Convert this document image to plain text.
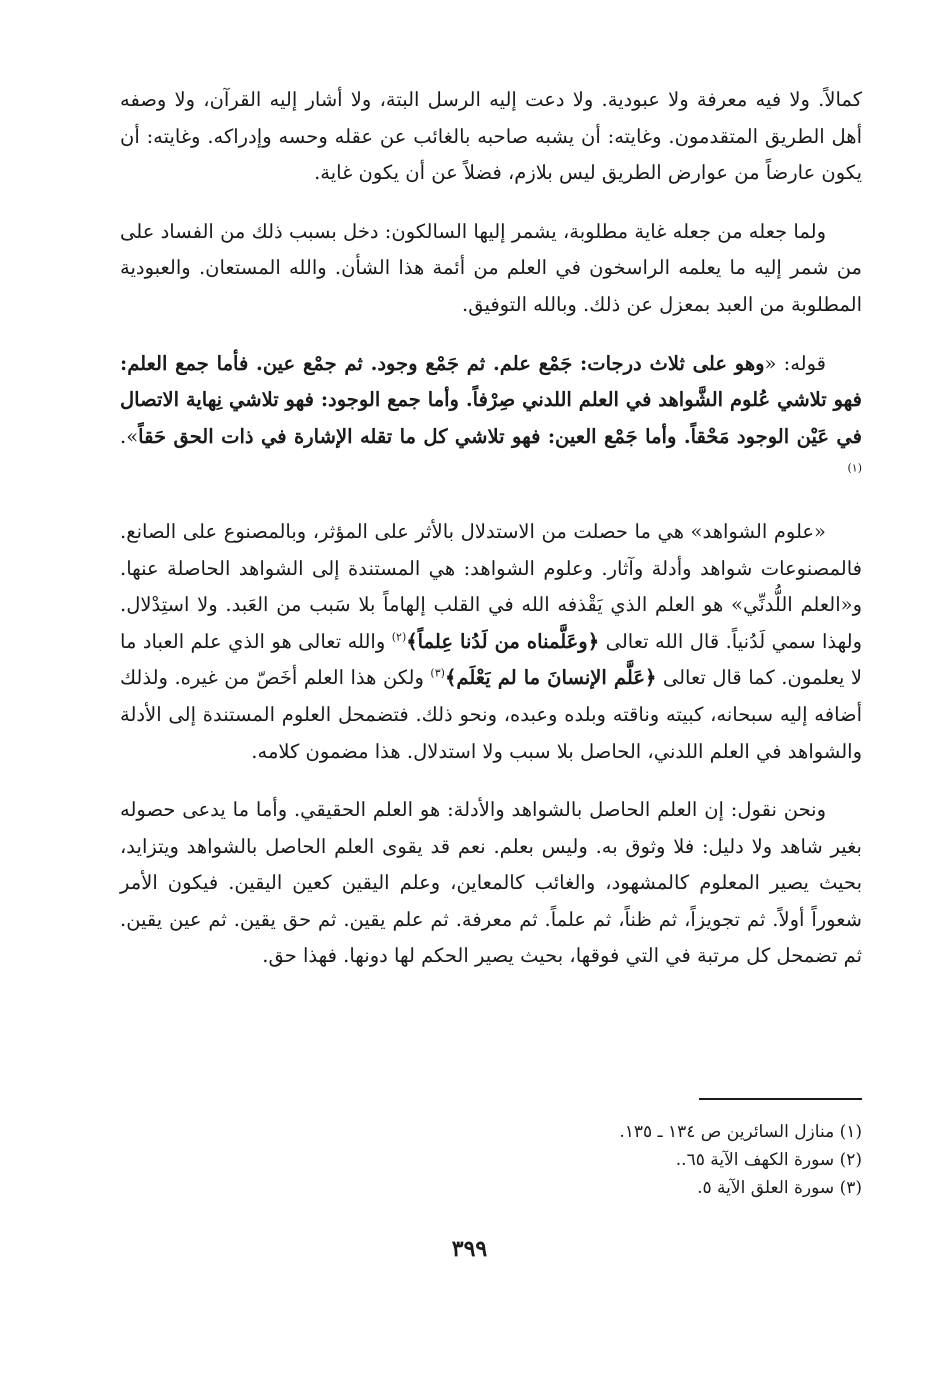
كمالاً. ولا فيه معرفة ولا عبودية. ولا دعت إليه الرسل البتة، ولا أشار إليه القرآن، ولا وصفه أهل الطريق المتقدمون. وغايته: أن يشبه صاحبه بالغائب عن عقله وحسه وإدراكه. وغايته: أن يكون عارضاً من عوارض الطريق ليس بلازم، فضلاً عن أن يكون غاية.

ولما جعله من جعله غاية مطلوبة، يشمر إليها السالكون: دخل بسبب ذلك من الفساد على من شمر إليه ما يعلمه الراسخون في العلم من أئمة هذا الشأن. والله المستعان. والعبودية المطلوبة من العبد بمعزل عن ذلك. وبالله التوفيق.

قوله: «وهو على ثلاث درجات: جَمْع علم. ثم جَمْع وجود. ثم جمْع عين. فأما جمع العلم: فهو تلاشي عُلوم الشَّواهد في العلم اللدني صِرْفاً. وأما جمع الوجود: فهو تلاشي نِهاية الاتصال في عَيْن الوجود مَحْقاً. وأما جَمْع العين: فهو تلاشي كل ما تقله الإشارة في ذات الحق حَقاً».$^{(١)}$

«علوم الشواهد» هي ما حصلت من الاستدلال بالأثر على المؤثر، وبالمصنوع على الصانع. فالمصنوعات شواهد وأدلة وآثار. وعلوم الشواهد: هي المستندة إلى الشواهد الحاصلة عنها. و«العلم اللُّدنِّي» هو العلم الذي يَقْذفه الله في القلب إلهاماً بلا سَبب من العَبد. ولا استِدْلال. ولهذا سمي لَدُنياً. قال الله تعالى ﴿وعَلَّمناه من لَدُنا عِلماً﴾$^{(٢)}$ والله تعالى هو الذي علم العباد ما لا يعلمون. كما قال تعالى ﴿عَلَّم الإنسانَ ما لم يَعْلَم﴾$^{(٣)}$ ولكن هذا العلم أخَصّ من غيره. ولذلك أضافه إليه سبحانه، كبيته وناقته وبلده وعبده، ونحو ذلك. فتضمحل العلوم المستندة إلى الأدلة والشواهد في العلم اللدني، الحاصل بلا سبب ولا استدلال. هذا مضمون كلامه.

ونحن نقول: إن العلم الحاصل بالشواهد والأدلة: هو العلم الحقيقي. وأما ما يدعى حصوله بغير شاهد ولا دليل: فلا وثوق به. وليس بعلم. نعم قد يقوى العلم الحاصل بالشواهد ويتزايد، بحيث يصير المعلوم كالمشهود، والغائب كالمعاين، وعلم اليقين كعين اليقين. فيكون الأمر شعوراً أولاً. ثم تجويزاً، ثم ظناً، ثم علماً. ثم معرفة. ثم علم يقين. ثم حق يقين. ثم عين يقين. ثم تضمحل كل مرتبة في التي فوقها، بحيث يصير الحكم لها دونها. فهذا حق.

(١) منازل السائرين ص ١٣٤ ـ ١٣٥.

(٢) سورة الكهف الآية ٦٥..

(٣) سورة العلق الآية ٥.

٣٩٩
